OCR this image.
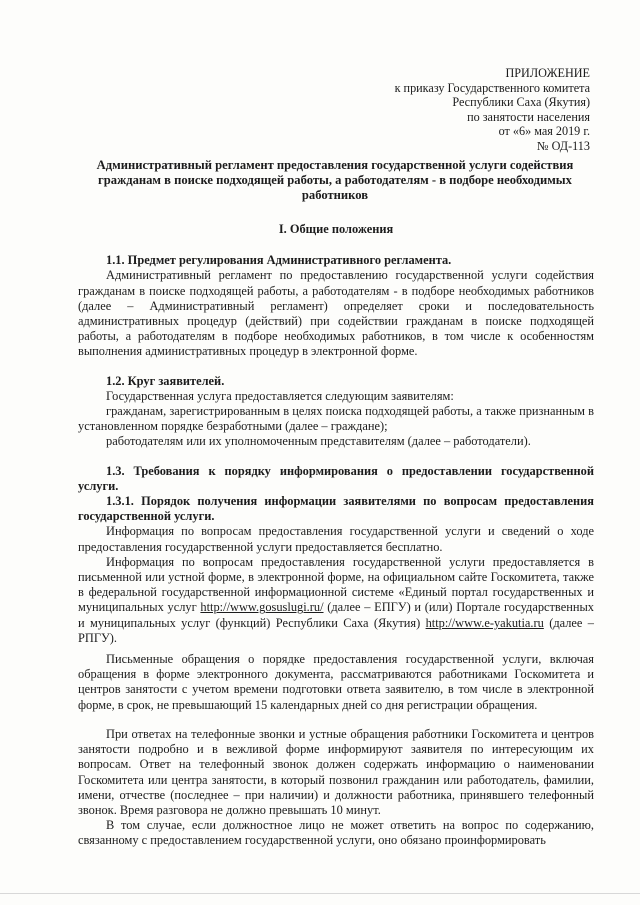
ПРИЛОЖЕНИЕ
к приказу Государственного комитета
Республики Саха (Якутия)
по занятости населения
от «6» мая 2019 г.
№ ОД-113
Административный регламент предоставления государственной услуги содействия гражданам в поиске подходящей работы, а работодателям - в подборе необходимых работников
I. Общие положения

1.1. Предмет регулирования Административного регламента.

Административный регламент по предоставлению государственной услуги содействия гражданам в поиске подходящей работы, а работодателям - в подборе необходимых работников (далее – Административный регламент) определяет сроки и последовательность административных процедур (действий) при содействии гражданам в поиске подходящей работы, а работодателям в подборе необходимых работников, в том числе к особенностям выполнения административных процедур в электронной форме.

1.2. Круг заявителей.

Государственная услуга предоставляется следующим заявителям:

гражданам, зарегистрированным в целях поиска подходящей работы, а также признанным в установленном порядке безработными (далее – граждане);

работодателям или их уполномоченным представителям (далее – работодатели).

1.3. Требования к порядку информирования о предоставлении государственной услуги.

1.3.1. Порядок получения информации заявителями по вопросам предоставления государственной услуги.

Информация по вопросам предоставления государственной услуги и сведений о ходе предоставления государственной услуги предоставляется бесплатно.

Информация по вопросам предоставления государственной услуги предоставляется в письменной или устной форме, в электронной форме, на официальном сайте Госкомитета, также в федеральной государственной информационной системе «Единый портал государственных и муниципальных услуг http://www.gosuslugi.ru/ (далее – ЕПГУ) и (или) Портале государственных и муниципальных услуг (функций) Республики Саха (Якутия) http://www.e-yakutia.ru (далее – РПГУ).

Письменные обращения о порядке предоставления государственной услуги, включая обращения в форме электронного документа, рассматриваются работниками Госкомитета и центров занятости с учетом времени подготовки ответа заявителю, в том числе в электронной форме, в срок, не превышающий 15 календарных дней со дня регистрации обращения.

При ответах на телефонные звонки и устные обращения работники Госкомитета и центров занятости подробно и в вежливой форме информируют заявителя по интересующим их вопросам. Ответ на телефонный звонок должен содержать информацию о наименовании Госкомитета или центра занятости, в который позвонил гражданин или работодатель, фамилии, имени, отчестве (последнее – при наличии) и должности работника, принявшего телефонный звонок. Время разговора не должно превышать 10 минут.

В том случае, если должностное лицо не может ответить на вопрос по содержанию, связанному с предоставлением государственной услуги, оно обязано проинформировать
